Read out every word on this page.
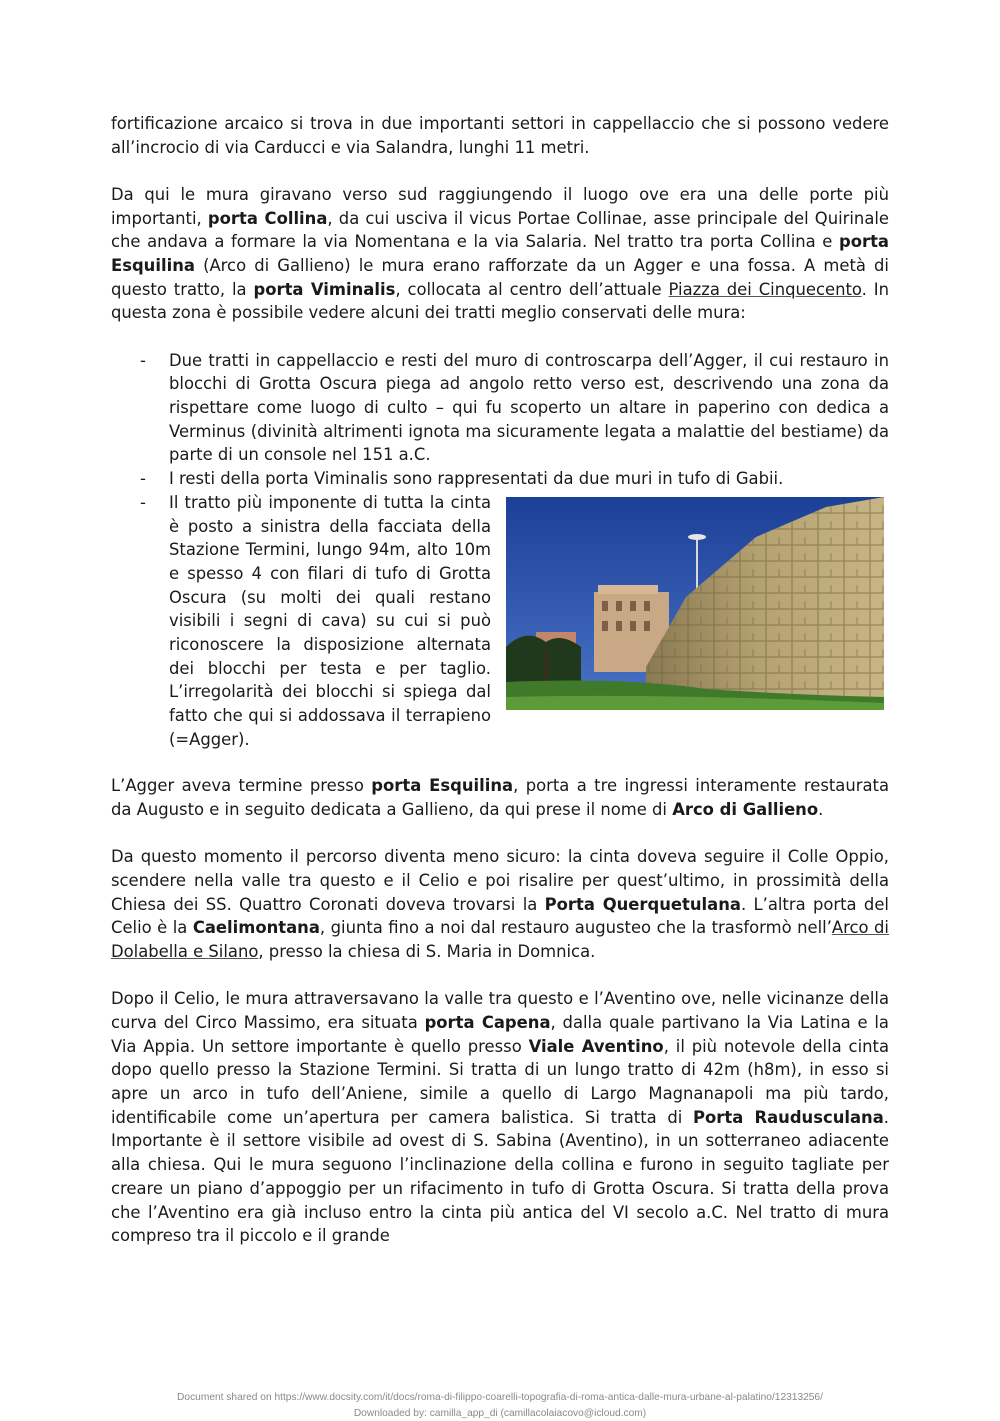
fortificazione arcaico si trova in due importanti settori in cappellaccio che si possono vedere all’incrocio di via Carducci e via Salandra, lunghi 11 metri.

Da qui le mura giravano verso sud raggiungendo il luogo ove era una delle porte più importanti, porta Collina, da cui usciva il vicus Portae Collinae, asse principale del Quirinale che andava a formare la via Nomentana e la via Salaria. Nel tratto tra porta Collina e porta Esquilina (Arco di Gallieno) le mura erano rafforzate da un Agger e una fossa. A metà di questo tratto, la porta Viminalis, collocata al centro dell’attuale Piazza dei Cinquecento. In questa zona è possibile vedere alcuni dei tratti meglio conservati delle mura:

- Due tratti in cappellaccio e resti del muro di controscarpa dell’Agger, il cui restauro in blocchi di Grotta Oscura piega ad angolo retto verso est, descrivendo una zona da rispettare come luogo di culto – qui fu scoperto un altare in paperino con dedica a Verminus (divinità altrimenti ignota ma sicuramente legata a malattie del bestiame) da parte di un console nel 151 a.C.
- I resti della porta Viminalis sono rappresentati da due muri in tufo di Gabii.
- Il tratto più imponente di tutta la cinta è posto a sinistra della facciata della Stazione Termini, lungo 94m, alto 10m e spesso 4 con filari di tufo di Grotta Oscura (su molti dei quali restano visibili i segni di cava) su cui si può riconoscere la disposizione alternata dei blocchi per testa e per taglio. L’irregolarità dei blocchi si spiega dal fatto che qui si addossava il terrapieno (=Agger).

L’Agger aveva termine presso porta Esquilina, porta a tre ingressi interamente restaurata da Augusto e in seguito dedicata a Gallieno, da qui prese il nome di Arco di Gallieno.

Da questo momento il percorso diventa meno sicuro: la cinta doveva seguire il Colle Oppio, scendere nella valle tra questo e il Celio e poi risalire per quest’ultimo, in prossimità della Chiesa dei SS. Quattro Coronati doveva trovarsi la Porta Querquetulana. L’altra porta del Celio è la Caelimontana, giunta fino a noi dal restauro augusteo che la trasformò nell’Arco di Dolabella e Silano, presso la chiesa di S. Maria in Domnica.

Dopo il Celio, le mura attraversavano la valle tra questo e l’Aventino ove, nelle vicinanze della curva del Circo Massimo, era situata porta Capena, dalla quale partivano la Via Latina e la Via Appia. Un settore importante è quello presso Viale Aventino, il più notevole della cinta dopo quello presso la Stazione Termini. Si tratta di un lungo tratto di 42m (h8m), in esso si apre un arco in tufo dell’Aniene, simile a quello di Largo Magnanapoli ma più tardo, identificabile come un’apertura per camera balistica. Si tratta di Porta Raudusculana. Importante è il settore visibile ad ovest di S. Sabina (Aventino), in un sotterraneo adiacente alla chiesa. Qui le mura seguono l’inclinazione della collina e furono in seguito tagliate per creare un piano d’appoggio per un rifacimento in tufo di Grotta Oscura. Si tratta della prova che l’Aventino era già incluso entro la cinta più antica del VI secolo a.C. Nel tratto di mura compreso tra il piccolo e il grande

Document shared on https://www.docsity.com/it/docs/roma-di-filippo-coarelli-topografia-di-roma-antica-dalle-mura-urbane-al-palatino/12313256/
Downloaded by: camilla_app_di (camillacolaiacovo@icloud.com)
